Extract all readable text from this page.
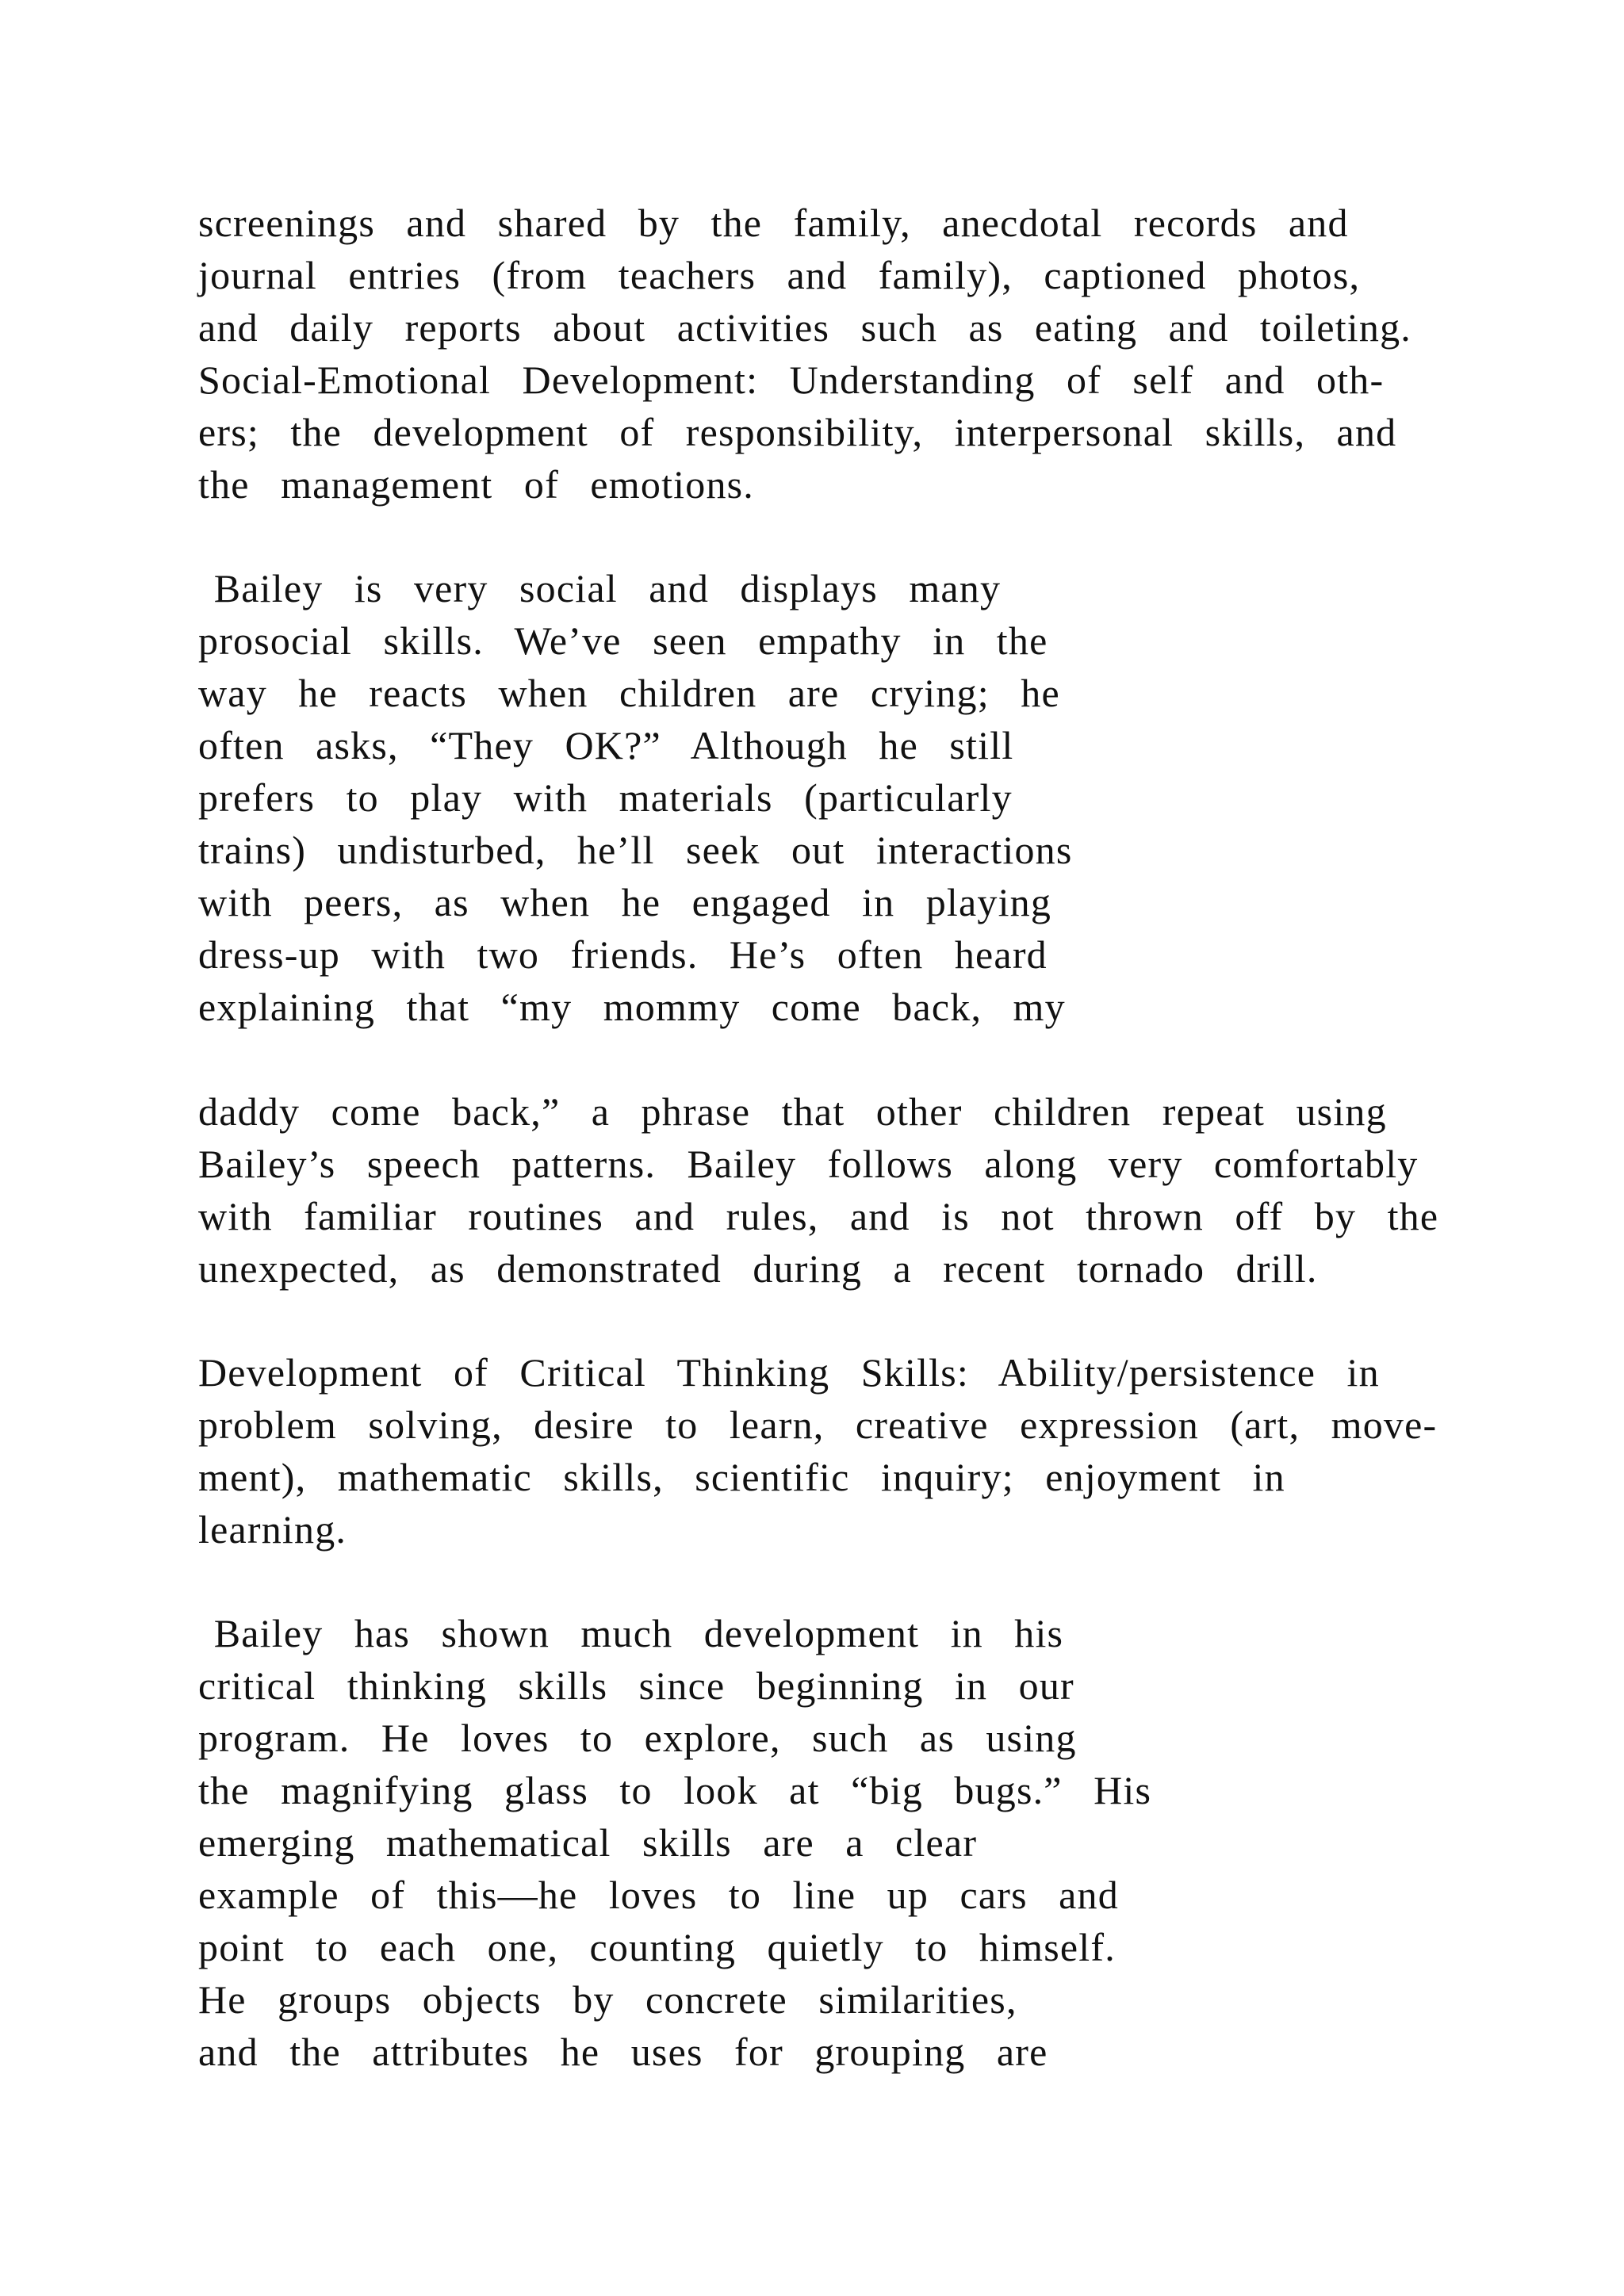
screenings  and  shared  by  the  family,  anecdotal  records  and
journal  entries  (from  teachers  and  family),  captioned  photos,
and  daily  reports  about  activities  such  as  eating  and  toileting.
Social-Emotional  Development:  Understanding  of  self  and  oth-
ers;  the  development  of  responsibility,  interpersonal  skills,  and
the  management  of  emotions.
Bailey  is  very  social  and  displays  many
prosocial  skills.  We’ve  seen  empathy  in  the
way  he  reacts  when  children  are  crying;  he
often  asks,  “They  OK?”  Although  he  still
prefers  to  play  with  materials  (particularly
trains)  undisturbed,  he’ll  seek  out  interactions
with  peers,  as  when  he  engaged  in  playing
dress-up  with  two  friends.  He’s  often  heard
explaining  that  “my  mommy  come  back,  my
daddy  come  back,”  a  phrase  that  other  children  repeat  using
Bailey’s  speech  patterns.  Bailey  follows  along  very  comfortably
with  familiar  routines  and  rules,  and  is  not  thrown  off  by  the
unexpected,  as  demonstrated  during  a  recent  tornado  drill.
Development  of  Critical  Thinking  Skills:  Ability/persistence  in
problem  solving,  desire  to  learn,  creative  expression  (art,  move-
ment),  mathematic  skills,  scientific  inquiry;  enjoyment  in
learning.
Bailey  has  shown  much  development  in  his
critical  thinking  skills  since  beginning  in  our
program.  He  loves  to  explore,  such  as  using
the  magnifying  glass  to  look  at  “big  bugs.”  His
emerging  mathematical  skills  are  a  clear
example  of  this—he  loves  to  line  up  cars  and
point  to  each  one,  counting  quietly  to  himself.
He  groups  objects  by  concrete  similarities,
and  the  attributes  he  uses  for  grouping  are
